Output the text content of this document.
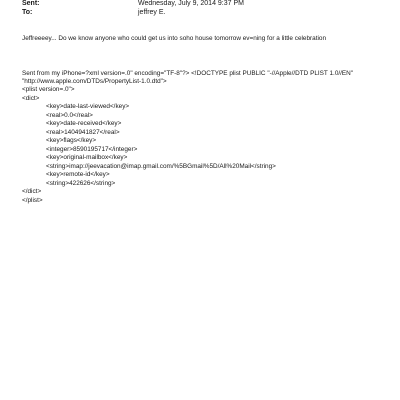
Sent:	Wednesday, July 9, 2014 9:37 PM
To:	jeffrey E.
Jeffreeeey... Do we know anyone who could get us into soho house tomorrow ev=ning for a little celebration
Sent from my iPhone=?xml version=.0" encoding="TF-8"?> <!DOCTYPE plist PUBLIC "-//Apple//DTD PLIST 1.0//EN"
"http://www.apple.com/DTDs/PropertyList-1.0.dtd">
<plist version=.0">
<dict>
<key>date-last-viewed</key>
<real>0.0</real>
<key>date-received</key>
<real>1404941827</real>
<key>flags</key>
<integer>8590195717</integer>
<key>original-mailbox</key>
<string>imap://jeevacation@imap.gmail.com/%5BGmail%5D/All%20Mail</string>
<key>remote-id</key>
<string>422626</string>
</dict>
</plist>
